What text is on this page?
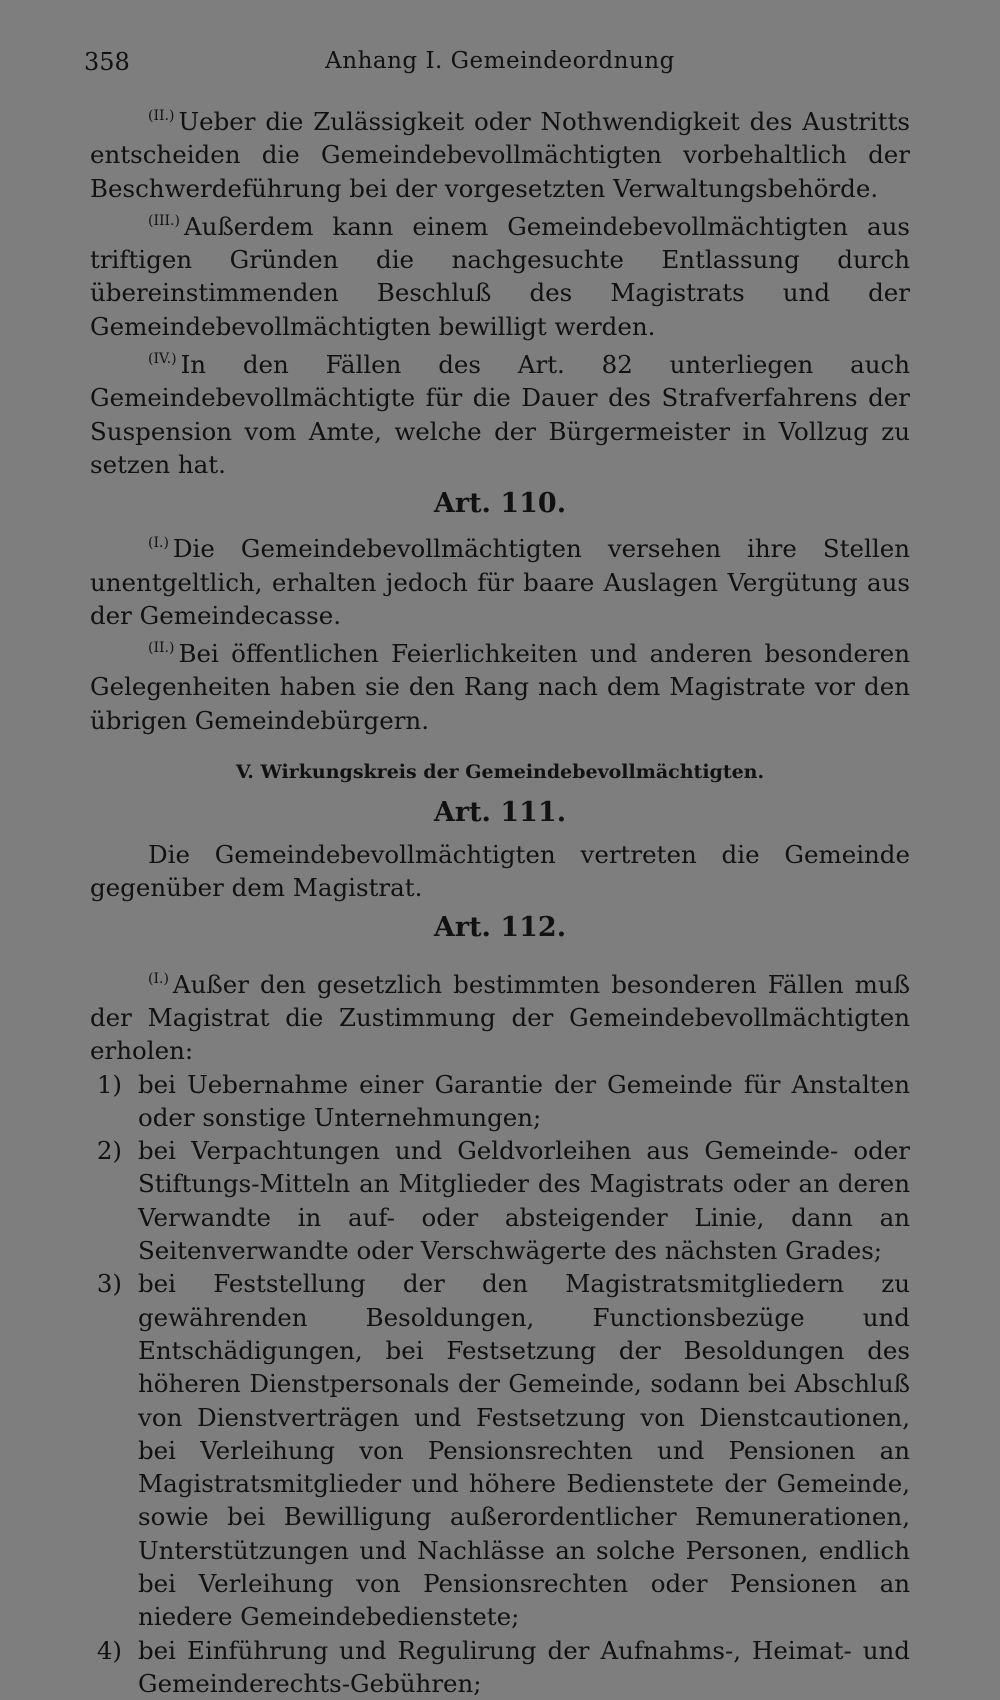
358	Anhang I. Gemeindeordnung

$^{(II.)}$ Ueber die Zulässigkeit oder Nothwendigkeit des Austritts entscheiden die Gemeindebevollmächtigten vorbehaltlich der Beschwerdeführung bei der vorgesetzten Verwaltungsbehörde.

$^{(III.)}$ Außerdem kann einem Gemeindebevollmächtigten aus triftigen Gründen die nachgesuchte Entlassung durch übereinstimmenden Beschluß des Magistrats und der Gemeindebevollmächtigten bewilligt werden.

$^{(IV.)}$ In den Fällen des Art. 82 unterliegen auch Gemeindebevollmächtigte für die Dauer des Strafverfahrens der Suspension vom Amte, welche der Bürgermeister in Vollzug zu setzen hat.

Art. 110.

$^{(I.)}$ Die Gemeindebevollmächtigten versehen ihre Stellen unentgeltlich, erhalten jedoch für baare Auslagen Vergütung aus der Gemeindecasse.

$^{(II.)}$ Bei öffentlichen Feierlichkeiten und anderen besonderen Gelegenheiten haben sie den Rang nach dem Magistrate vor den übrigen Gemeindebürgern.

V. Wirkungskreis der Gemeindebevollmächtigten.
Art. 111.

Die Gemeindebevollmächtigten vertreten die Gemeinde gegenüber dem Magistrat.

Art. 112.

$^{(I.)}$ Außer den gesetzlich bestimmten besonderen Fällen muß der Magistrat die Zustimmung der Gemeindebevollmächtigten erholen:

1) bei Uebernahme einer Garantie der Gemeinde für Anstalten oder sonstige Unternehmungen;
2) bei Verpachtungen und Geldvorleihen aus Gemeinde- oder Stiftungs-Mitteln an Mitglieder des Magistrats oder an deren Verwandte in auf- oder absteigender Linie, dann an Seitenverwandte oder Verschwägerte des nächsten Grades;
3) bei Feststellung der den Magistratsmitgliedern zu gewährenden Besoldungen, Functionsbezüge und Entschädigungen, bei Festsetzung der Besoldungen des höheren Dienstpersonals der Gemeinde, sodann bei Abschluß von Dienstverträgen und Festsetzung von Dienstcautionen, bei Verleihung von Pensionsrechten und Pensionen an Magistratsmitglieder und höhere Bedienstete der Gemeinde, sowie bei Bewilligung außerordentlicher Remunerationen, Unterstützungen und Nachlässe an solche Personen, endlich bei Verleihung von Pensionsrechten oder Pensionen an niedere Gemeindebedienstete;
4) bei Einführung und Regulirung der Aufnahms-, Heimat- und Gemeinderechts-Gebühren;
